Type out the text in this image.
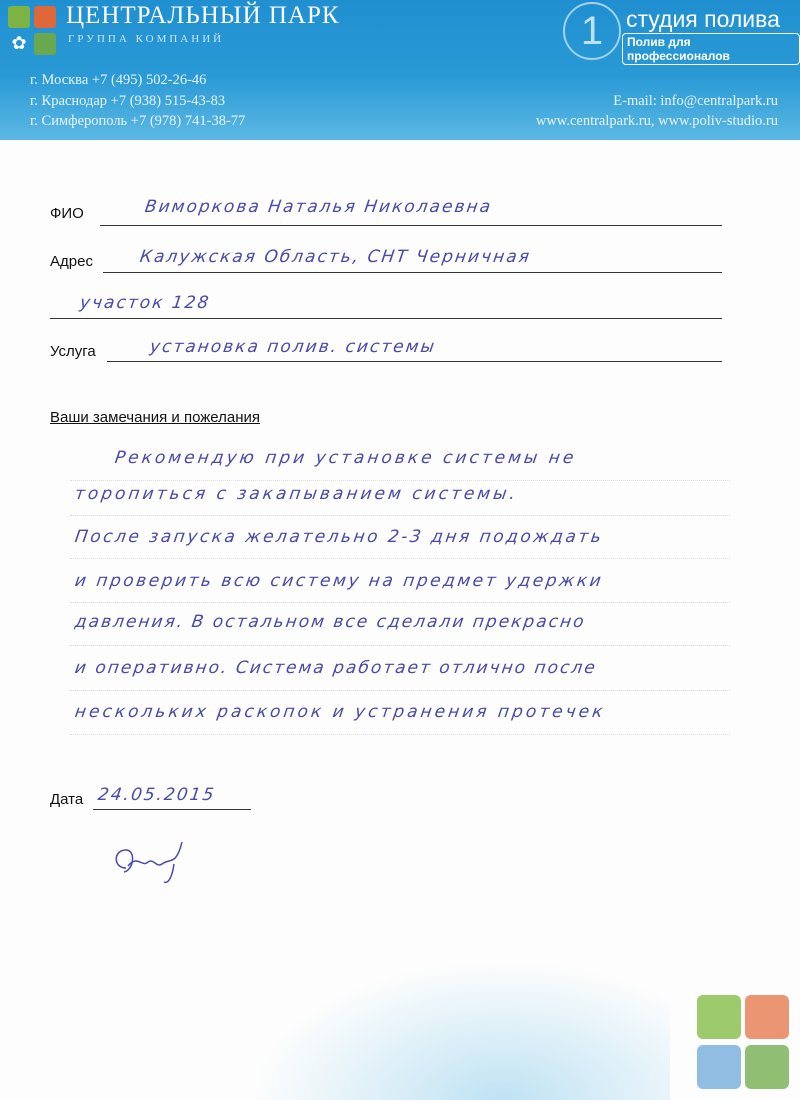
✿
ЦЕНТРАЛЬНЫЙ ПАРК
ГРУППА КОМПАНИЙ
г. Москва +7 (495) 502-26-46
г. Краснодар +7 (938) 515-43-83
г. Симферополь +7 (978) 741-38-77
E-mail: info@centralpark.ru
www.centralpark.ru, www.poliv-studio.ru
1 студия полива
Полив для профессионалов
ФИО	Виморкова Наталья Николаевна
Адрес	Калужская Область, СНТ Черничная
участок 128
Услуга	установка полив. системы
Ваши замечания и пожелания
Рекомендую при установке системы не
торопиться с закапыванием системы.
После запуска желательно 2-3 дня подождать
и проверить всю систему на предмет удержки
давления. В остальном все сделали прекрасно
и оперативно. Система работает отлично после
нескольких раскопок и устранения протечек
Дата 24.05.2015
